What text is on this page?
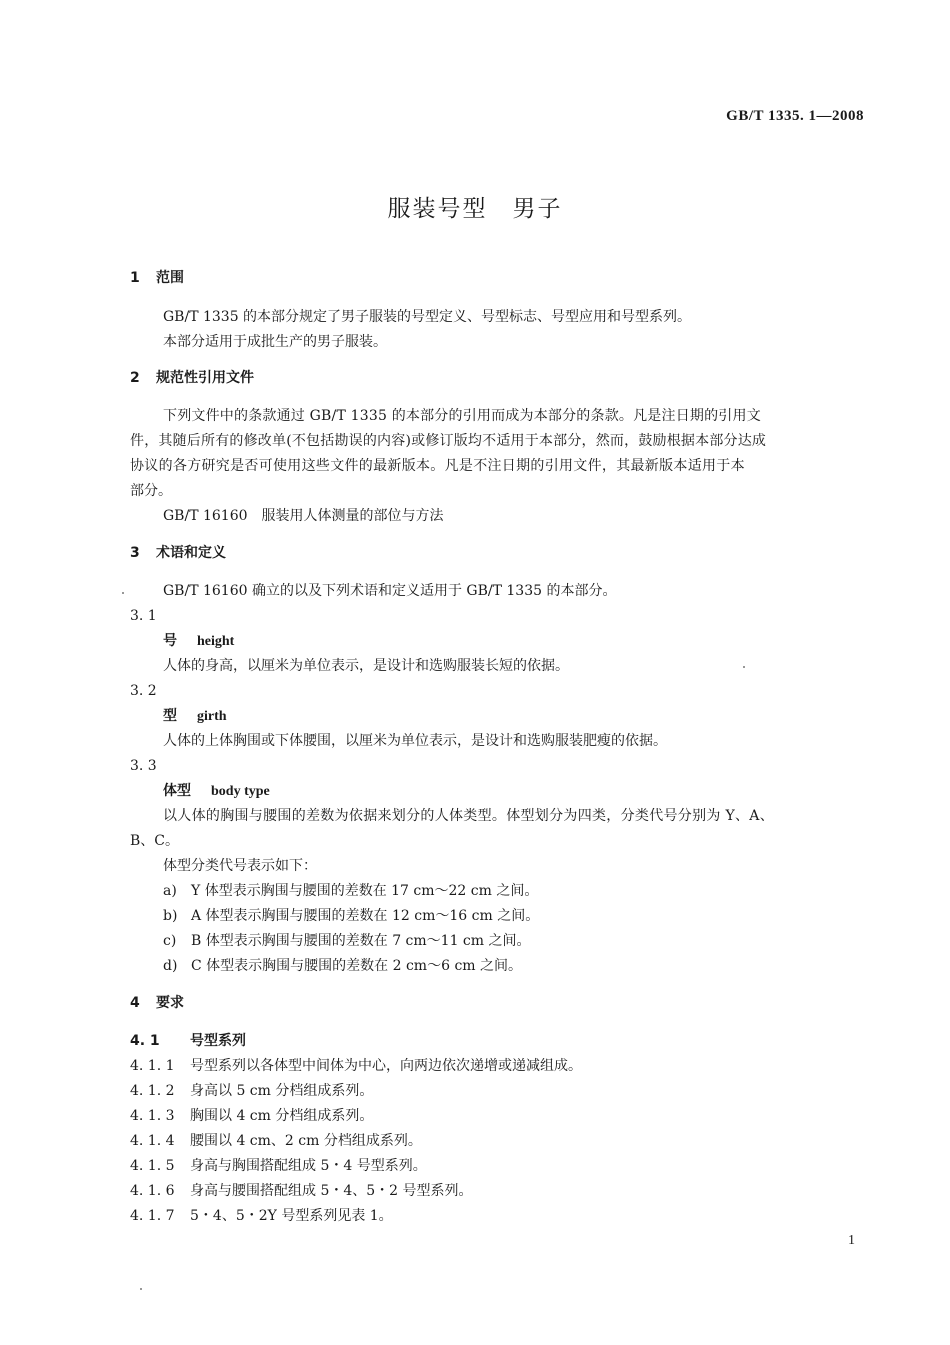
GB/T 1335. 1—2008
服装号型　男子
1 范围
GB/T 1335 的本部分规定了男子服装的号型定义、号型标志、号型应用和号型系列。
本部分适用于成批生产的男子服装。
2 规范性引用文件
下列文件中的条款通过 GB/T 1335 的本部分的引用而成为本部分的条款。凡是注日期的引用文
件，其随后所有的修改单(不包括勘误的内容)或修订版均不适用于本部分，然而，鼓励根据本部分达成
协议的各方研究是否可使用这些文件的最新版本。凡是不注日期的引用文件，其最新版本适用于本
部分。
GB/T 16160　服装用人体测量的部位与方法
3 术语和定义
GB/T 16160 确立的以及下列术语和定义适用于 GB/T 1335 的本部分。
3. 1
号 height
人体的身高，以厘米为单位表示，是设计和选购服装长短的依据。
3. 2
型 girth
人体的上体胸围或下体腰围，以厘米为单位表示，是设计和选购服装肥瘦的依据。
3. 3
体型 body type
以人体的胸围与腰围的差数为依据来划分的人体类型。体型划分为四类，分类代号分别为 Y、A、
B、C。
体型分类代号表示如下：
a) Y 体型表示胸围与腰围的差数在 17 cm～22 cm 之间。
b) A 体型表示胸围与腰围的差数在 12 cm～16 cm 之间。
c) B 体型表示胸围与腰围的差数在 7 cm～11 cm 之间。
d) C 体型表示胸围与腰围的差数在 2 cm～6 cm 之间。
4 要求
4. 1 号型系列
4. 1. 1 号型系列以各体型中间体为中心，向两边依次递增或递减组成。
4. 1. 2 身高以 5 cm 分档组成系列。
4. 1. 3 胸围以 4 cm 分档组成系列。
4. 1. 4 腰围以 4 cm、2 cm 分档组成系列。
4. 1. 5 身高与胸围搭配组成 5・4 号型系列。
4. 1. 6 身高与腰围搭配组成 5・4、5・2 号型系列。
4. 1. 7 5・4、5・2Y 号型系列见表 1。
1
